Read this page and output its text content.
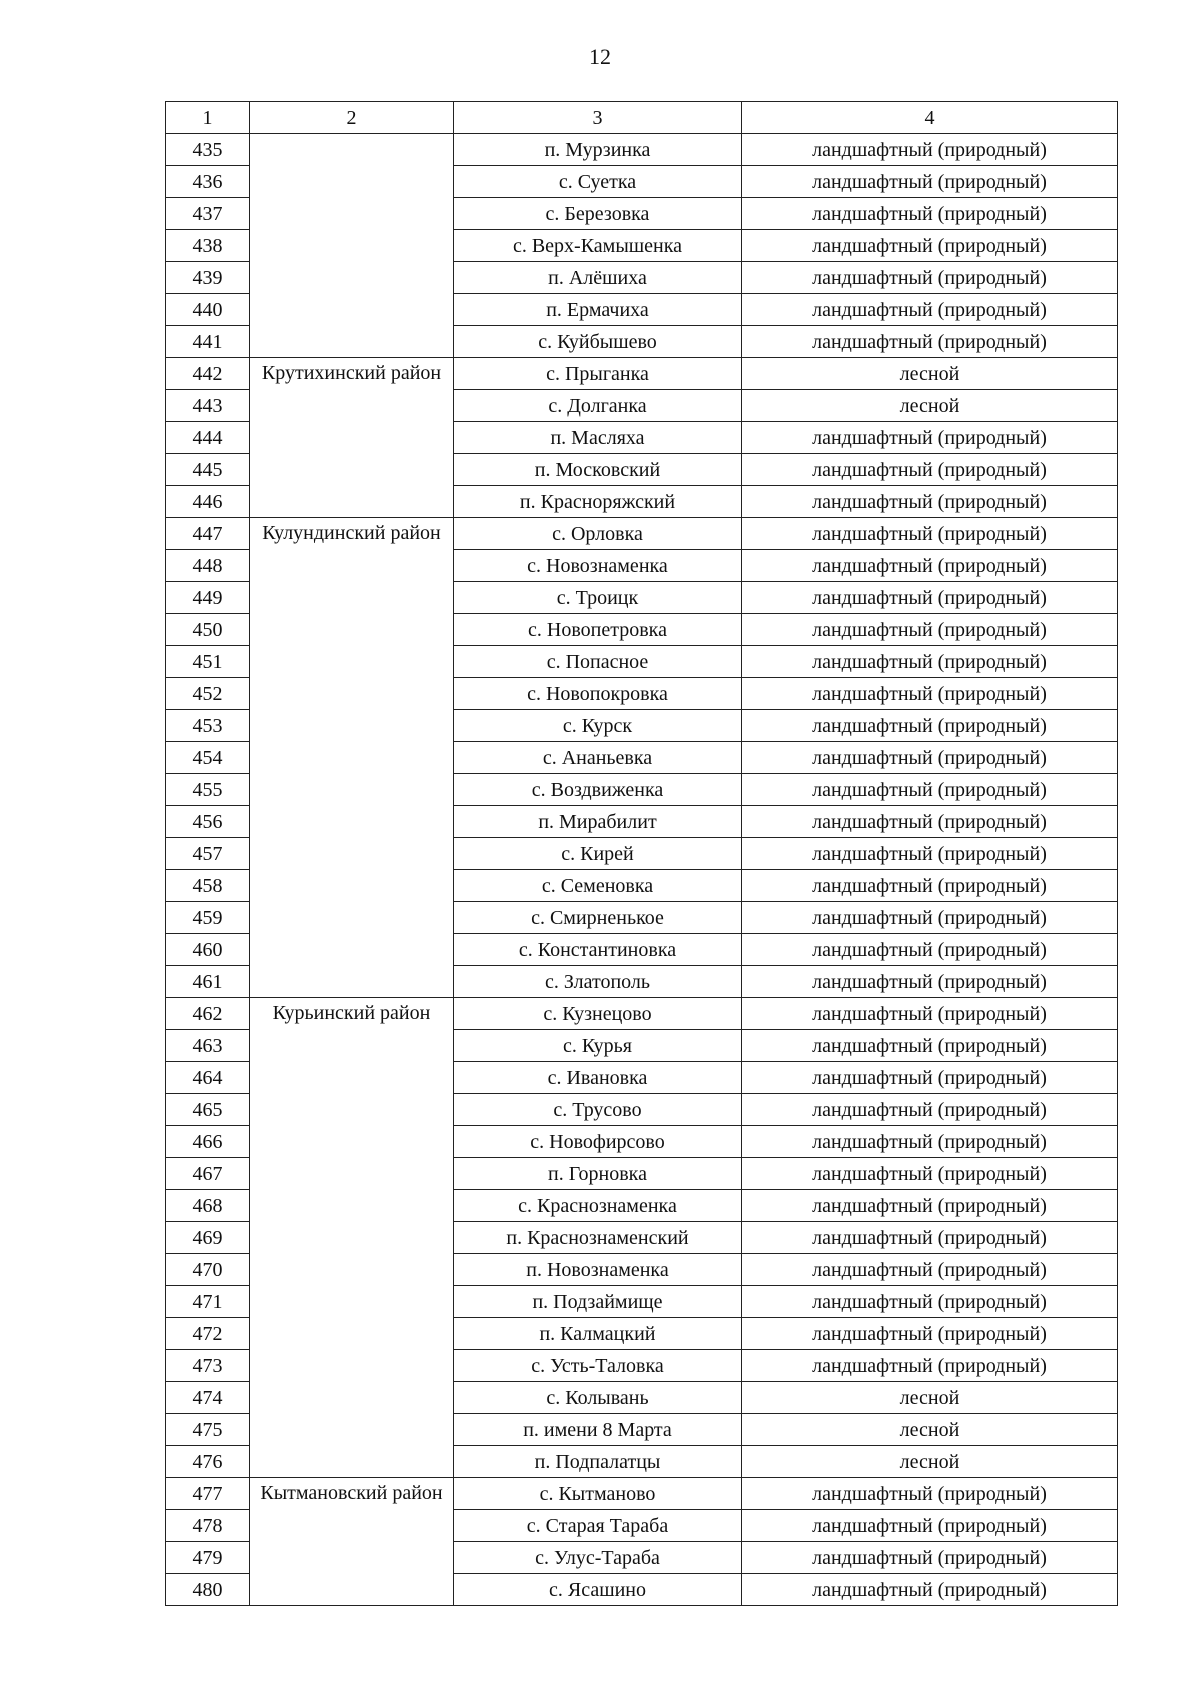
12
1	2	3	4
435		п. Мурзинка	ландшафтный (природный)
436		с. Суетка	ландшафтный (природный)
437		с. Березовка	ландшафтный (природный)
438		с. Верх-Камышенка	ландшафтный (природный)
439		п. Алёшиха	ландшафтный (природный)
440		п. Ермачиха	ландшафтный (природный)
441		с. Куйбышево	ландшафтный (природный)
442	Крутихинский район	с. Прыганка	лесной
443		с. Долганка	лесной
444		п. Масляха	ландшафтный (природный)
445		п. Московский	ландшафтный (природный)
446		п. Красноряжский	ландшафтный (природный)
447	Кулундинский район	с. Орловка	ландшафтный (природный)
448		с. Новознаменка	ландшафтный (природный)
449		с. Троицк	ландшафтный (природный)
450		с. Новопетровка	ландшафтный (природный)
451		с. Попасное	ландшафтный (природный)
452		с. Новопокровка	ландшафтный (природный)
453		с. Курск	ландшафтный (природный)
454		с. Ананьевка	ландшафтный (природный)
455		с. Воздвиженка	ландшафтный (природный)
456		п. Мирабилит	ландшафтный (природный)
457		с. Кирей	ландшафтный (природный)
458		с. Семеновка	ландшафтный (природный)
459		с. Смирненькое	ландшафтный (природный)
460		с. Константиновка	ландшафтный (природный)
461		с. Златополь	ландшафтный (природный)
462	Курьинский район	с. Кузнецово	ландшафтный (природный)
463		с. Курья	ландшафтный (природный)
464		с. Ивановка	ландшафтный (природный)
465		с. Трусово	ландшафтный (природный)
466		с. Новофирсово	ландшафтный (природный)
467		п. Горновка	ландшафтный (природный)
468		с. Краснознаменка	ландшафтный (природный)
469		п. Краснознаменский	ландшафтный (природный)
470		п. Новознаменка	ландшафтный (природный)
471		п. Подзаймище	ландшафтный (природный)
472		п. Калмацкий	ландшафтный (природный)
473		с. Усть-Таловка	ландшафтный (природный)
474		с. Колывань	лесной
475		п. имени 8 Марта	лесной
476		п. Подпалатцы	лесной
477	Кытмановский район	с. Кытманово	ландшафтный (природный)
478		с. Старая Тараба	ландшафтный (природный)
479		с. Улус-Тараба	ландшафтный (природный)
480		с. Ясашино	ландшафтный (природный)
